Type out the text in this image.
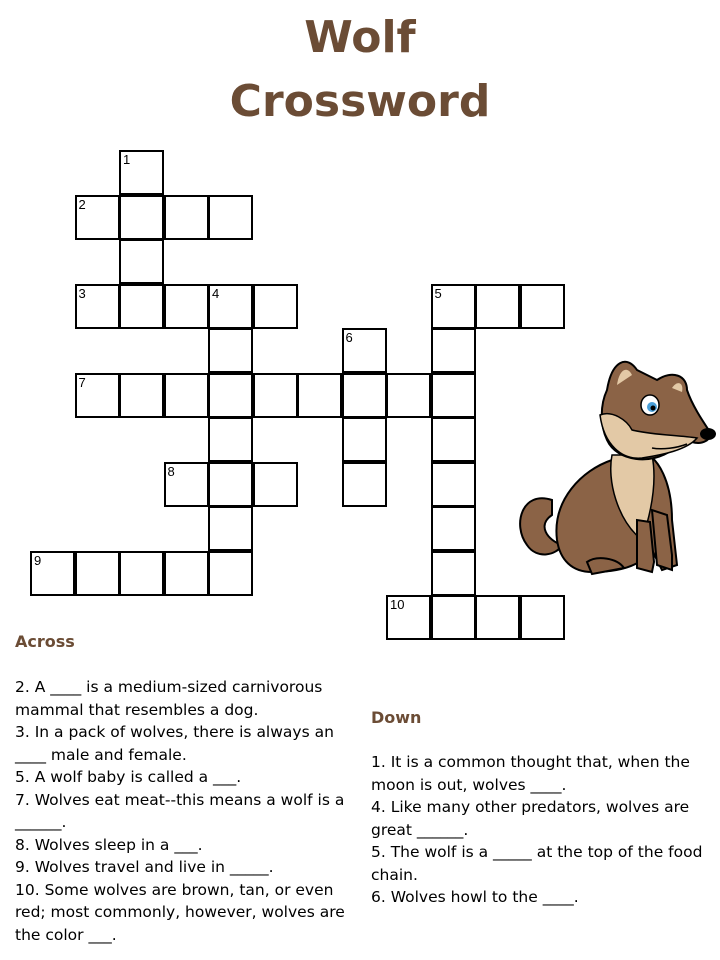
Wolf
Crossword
2
3	4	5
7
8
9
10
1
6
Across

2. A ____ is a medium-sized carnivorous mammal that resembles a dog.

3. In a pack of wolves, there is always an ____ male and female.

5. A wolf baby is called a ___.

7. Wolves eat meat--this means a wolf is a ______.

8. Wolves sleep in a ___.

9. Wolves travel and live in _____.

10. Some wolves are brown, tan, or even red; most commonly, however, wolves are the color ___.

Down

1. It is a common thought that, when the moon is out, wolves ____.

4. Like many other predators, wolves are great ______.

5. The wolf is a _____ at the top of the food chain.

6. Wolves howl to the ____.
